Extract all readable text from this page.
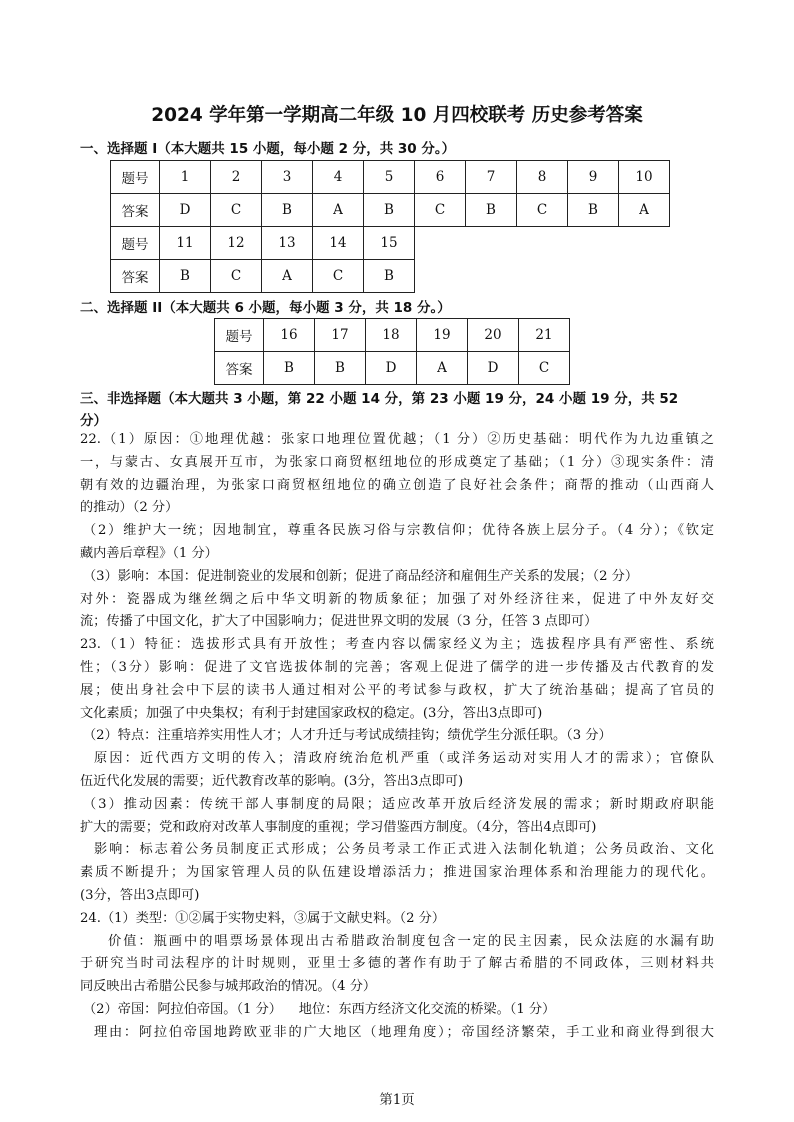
2024 学年第一学期高二年级 10 月四校联考 历史参考答案
一、选择题 I（本大题共 15 小题，每小题 2 分，共 30 分。）
题号	1	2	3	4	5	6	7	8	9	10
答案	D	C	B	A	B	C	B	C	B	A
题号	11	12	13	14	15					
答案	B	C	A	C	B					
二、选择题 II（本大题共 6 小题，每小题 3 分，共 18 分。）
题号	16	17	18	19	20	21
答案	B	B	D	A	D	C
三、非选择题（本大题共 3 小题，第 22 小题 14 分，第 23 小题 19 分，24 小题 19 分，共 52
分）
22.（1）原因：①地理优越：张家口地理位置优越；（1 分）②历史基础：明代作为九边重镇之
一，与蒙古、女真展开互市，为张家口商贸枢纽地位的形成奠定了基础；（1 分）③现实条件：清
朝有效的边疆治理，为张家口商贸枢纽地位的确立创造了良好社会条件；商帮的推动（山西商人
的推动）（2 分）
（2）维护大一统；因地制宜，尊重各民族习俗与宗教信仰；优待各族上层分子。（4 分）；《钦定
藏内善后章程》（1 分）
（3）影响：本国：促进制瓷业的发展和创新；促进了商品经济和雇佣生产关系的发展；（2 分）
对外：瓷器成为继丝绸之后中华文明新的物质象征；加强了对外经济往来，促进了中外友好交
流；传播了中国文化，扩大了中国影响力；促进世界文明的发展（3 分，任答 3 点即可）
23.（1）特征：选拔形式具有开放性；考查内容以儒家经义为主；选拔程序具有严密性、系统
性；（3分）影响：促进了文官选拔体制的完善；客观上促进了儒学的进一步传播及古代教育的发
展；使出身社会中下层的读书人通过相对公平的考试参与政权，扩大了统治基础；提高了官员的
文化素质；加强了中央集权；有利于封建国家政权的稳定。(3分，答出3点即可)
（2）特点：注重培养实用性人才；人才升迁与考试成绩挂钩；绩优学生分派任职。（3 分）
原因：近代西方文明的传入；清政府统治危机严重（或洋务运动对实用人才的需求）；官僚队
伍近代化发展的需要；近代教育改革的影响。(3分，答出3点即可)
（3）推动因素：传统干部人事制度的局限；适应改革开放后经济发展的需求；新时期政府职能
扩大的需要；党和政府对改革人事制度的重视；学习借鉴西方制度。（4分，答出4点即可)
影响：标志着公务员制度正式形成；公务员考录工作正式进入法制化轨道；公务员政治、文化
素质不断提升；为国家管理人员的队伍建设增添活力；推进国家治理体系和治理能力的现代化。
(3分，答出3点即可)
24.（1）类型：①②属于实物史料，③属于文献史料。（2 分）
价值：瓶画中的唱票场景体现出古希腊政治制度包含一定的民主因素，民众法庭的水漏有助
于研究当时司法程序的计时规则，亚里士多德的著作有助于了解古希腊的不同政体，三则材料共
同反映出古希腊公民参与城邦政治的情况。（4 分）
（2）帝国：阿拉伯帝国。（1 分）    地位：东西方经济文化交流的桥梁。（1 分）
理由：阿拉伯帝国地跨欧亚非的广大地区（地理角度）；帝国经济繁荣，手工业和商业得到很大
第1页
